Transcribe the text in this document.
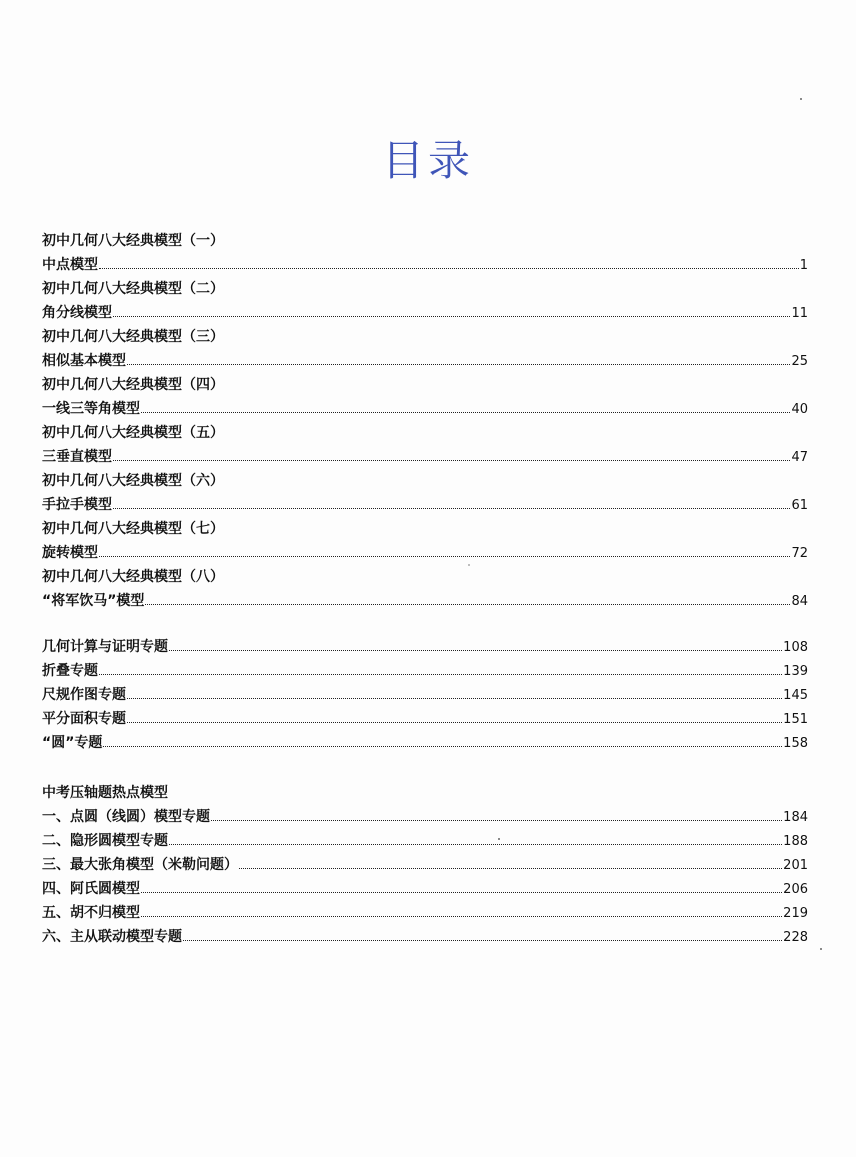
目录
初中几何八大经典模型（一）
中点模型	1
初中几何八大经典模型（二）
角分线模型	11
初中几何八大经典模型（三）
相似基本模型	25
初中几何八大经典模型（四）
一线三等角模型	40
初中几何八大经典模型（五）
三垂直模型	47
初中几何八大经典模型（六）
手拉手模型	61
初中几何八大经典模型（七）
旋转模型	72
初中几何八大经典模型（八）
“将军饮马”模型	84
几何计算与证明专题	108
折叠专题	139
尺规作图专题	145
平分面积专题	151
“圆”专题	158
中考压轴题热点模型
一、点圆（线圆）模型专题	184
二、隐形圆模型专题	188
三、最大张角模型（米勒问题）	201
四、阿氏圆模型	206
五、胡不归模型	219
六、主从联动模型专题	228
